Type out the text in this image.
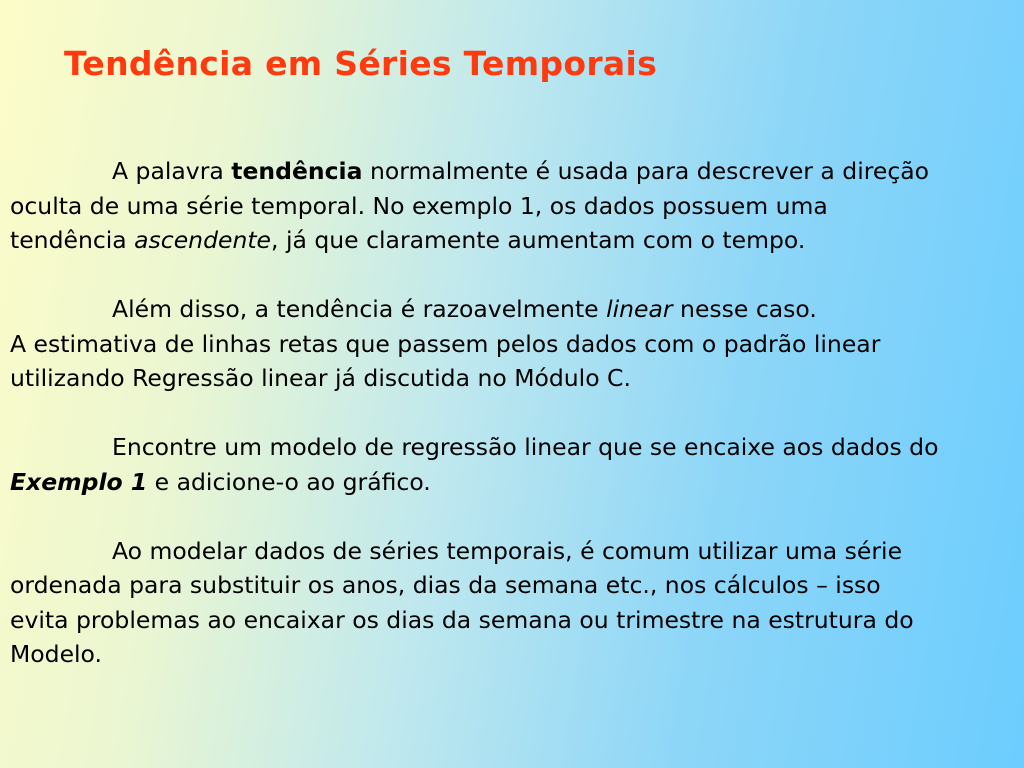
Tendência em Séries Temporais

A palavra tendência normalmente é usada para descrever a direção
oculta de uma série temporal. No exemplo 1, os dados possuem uma
tendência ascendente, já que claramente aumentam com o tempo.

Além disso, a tendência é razoavelmente linear nesse caso.
A estimativa de linhas retas que passem pelos dados com o padrão linear
utilizando Regressão linear já discutida no Módulo C.

Encontre um modelo de regressão linear que se encaixe aos dados do
Exemplo 1 e adicione-o ao gráfico.

Ao modelar dados de séries temporais, é comum utilizar uma série
ordenada para substituir os anos, dias da semana etc., nos cálculos – isso
evita problemas ao encaixar os dias da semana ou trimestre na estrutura do
Modelo.
